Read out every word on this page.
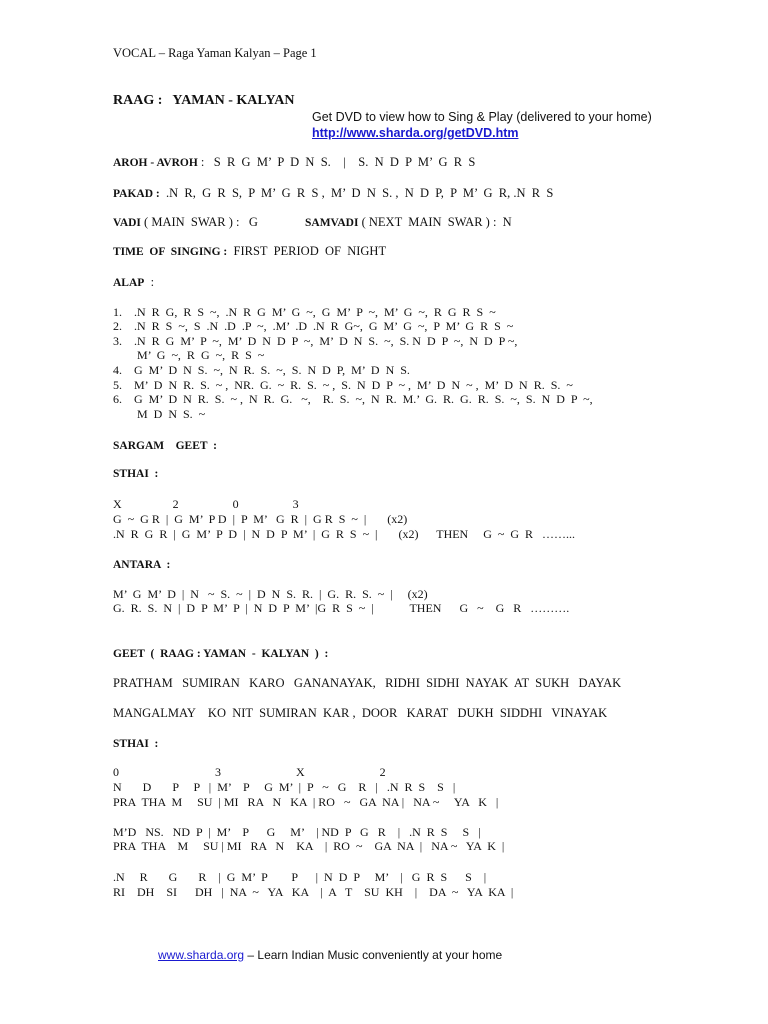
VOCAL – Raga Yaman Kalyan – Page 1
RAAG :   YAMAN - KALYAN
Get DVD to view how to Sing & Play (delivered to your home)
http://www.sharda.org/getDVD.htm
AROH - AVROH :   S  R  G  M’  P  D  N  S.    |    S.  N  D  P  M’  G  R  S
PAKAD :  .N  R,  G  R  S,  P  M’  G  R  S ,  M’  D  N  S. ,  N  D  P,  P  M’  G  R, .N  R  S
VADI ( MAIN  SWAR ) :   G	SAMVADI ( NEXT  MAIN  SWAR ) :  N
TIME  OF  SINGING :  FIRST  PERIOD  OF  NIGHT
ALAP  :
1.    .N  R  G,  R  S  ~,  .N  R  G  M’  G  ~,  G  M’  P  ~,  M’  G  ~,  R  G  R  S  ~
2.    .N  R  S  ~,  S  .N  .D  .P  ~,  .M’  .D  .N  R  G~,  G  M’  G  ~,  P  M’  G  R  S  ~
3.    .N  R  G  M’  P  ~,  M’  D  N  D  P  ~,  M’  D  N  S.  ~,  S. N  D  P  ~,  N  D  P ~,
M’  G  ~,  R  G  ~,  R  S  ~
4.    G  M’  D  N  S.  ~,  N  R.  S.  ~,  S.  N  D  P,  M’  D  N  S.
5.    M’  D  N  R.  S.  ~ ,  NR.  G.  ~  R.  S.  ~ ,  S.  N  D  P  ~ ,  M’  D  N  ~ ,  M’  D  N  R.  S.  ~
6.    G  M’  D  N  R.  S.  ~ ,  N  R.  G.   ~,    R.  S.  ~,  N  R.  M.’  G.  R.  G.  R.  S.  ~,  S.  N  D  P  ~,
M  D  N  S.  ~
SARGAM    GEET  :
STHAI  :
X                 2                  0                  3
G  ~  G R  |  G  M’  P D  |  P  M’   G  R  |  G R  S  ~  |       (x2)
.N  R  G  R  |  G  M’  P  D  |  N  D  P  M’  |  G  R  S  ~  |       (x2)      THEN     G  ~  G  R   ……...
ANTARA  :
M’  G  M’  D  |  N   ~  S.  ~  |  D  N  S.  R.  |  G.  R.  S.  ~  |     (x2)
G.  R.  S.  N  |  D  P  M’  P  |  N  D  P  M’  |G  R  S  ~  |            THEN      G   ~    G   R   ……….
GEET  (  RAAG : YAMAN  -  KALYAN  )  :
PRATHAM   SUMIRAN   KARO   GANANAYAK,   RIDHI  SIDHI  NAYAK  AT  SUKH   DAYAK
MANGALMAY    KO  NIT  SUMIRAN  KAR ,  DOOR   KARAT   DUKH  SIDDHI   VINAYAK
STHAI  :
0                                3                         X                         2
N       D       P     P   |  M’    P     G  M’  |  P   ~   G    R   |   .N  R  S    S   |
PRA  THA  M     SU  | MI   RA   N   KA  | RO   ~   GA  NA |   NA ~     YA   K   |
M’D   NS.   ND  P  |  M’    P      G     M’    | ND  P   G   R    |   .N  R  S     S   |
PRA  THA    M     SU | MI   RA   N    KA    |  RO  ~    GA  NA  |   NA ~   YA  K  |
.N     R       G       R    |  G  M’  P        P      |  N  D  P     M’    |   G  R  S      S    |
RI    DH    SI      DH   |  NA  ~   YA   KA    |  A   T    SU  KH    |    DA  ~   YA  KA  |
www.sharda.org – Learn Indian Music conveniently at your home
